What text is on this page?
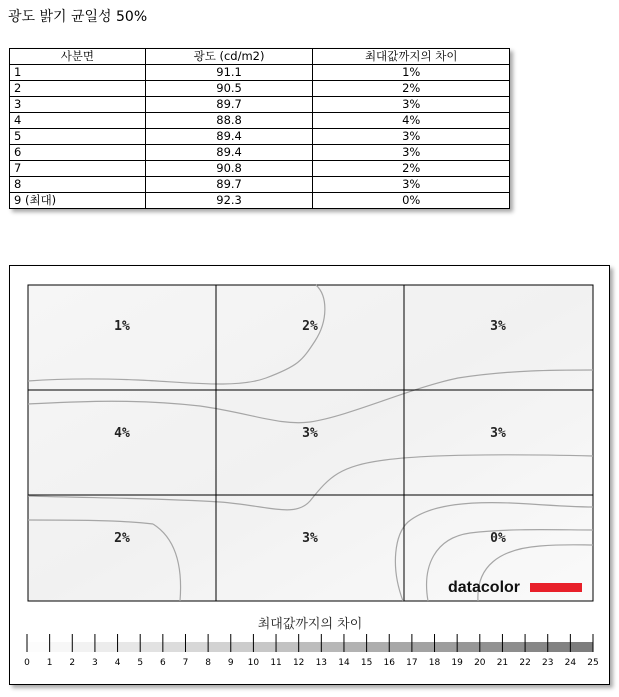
광도 밝기 균일성 50%
사분면	광도 (cd/m2)	최대값까지의 차이
1	91.1	1%
2	90.5	2%
3	89.7	3%
4	88.8	4%
5	89.4	3%
6	89.4	3%
7	90.8	2%
8	89.7	3%
9 (최대)	92.3	0%
1%	2%	3%
4%	3%	3%
2%	3%	0%
datacolor
최대값까지의 차이
0 1 2 3 4 5 6 7 8 9 10 11 12 13 14 15 16 17 18 19 20 21 22 23 24 25
